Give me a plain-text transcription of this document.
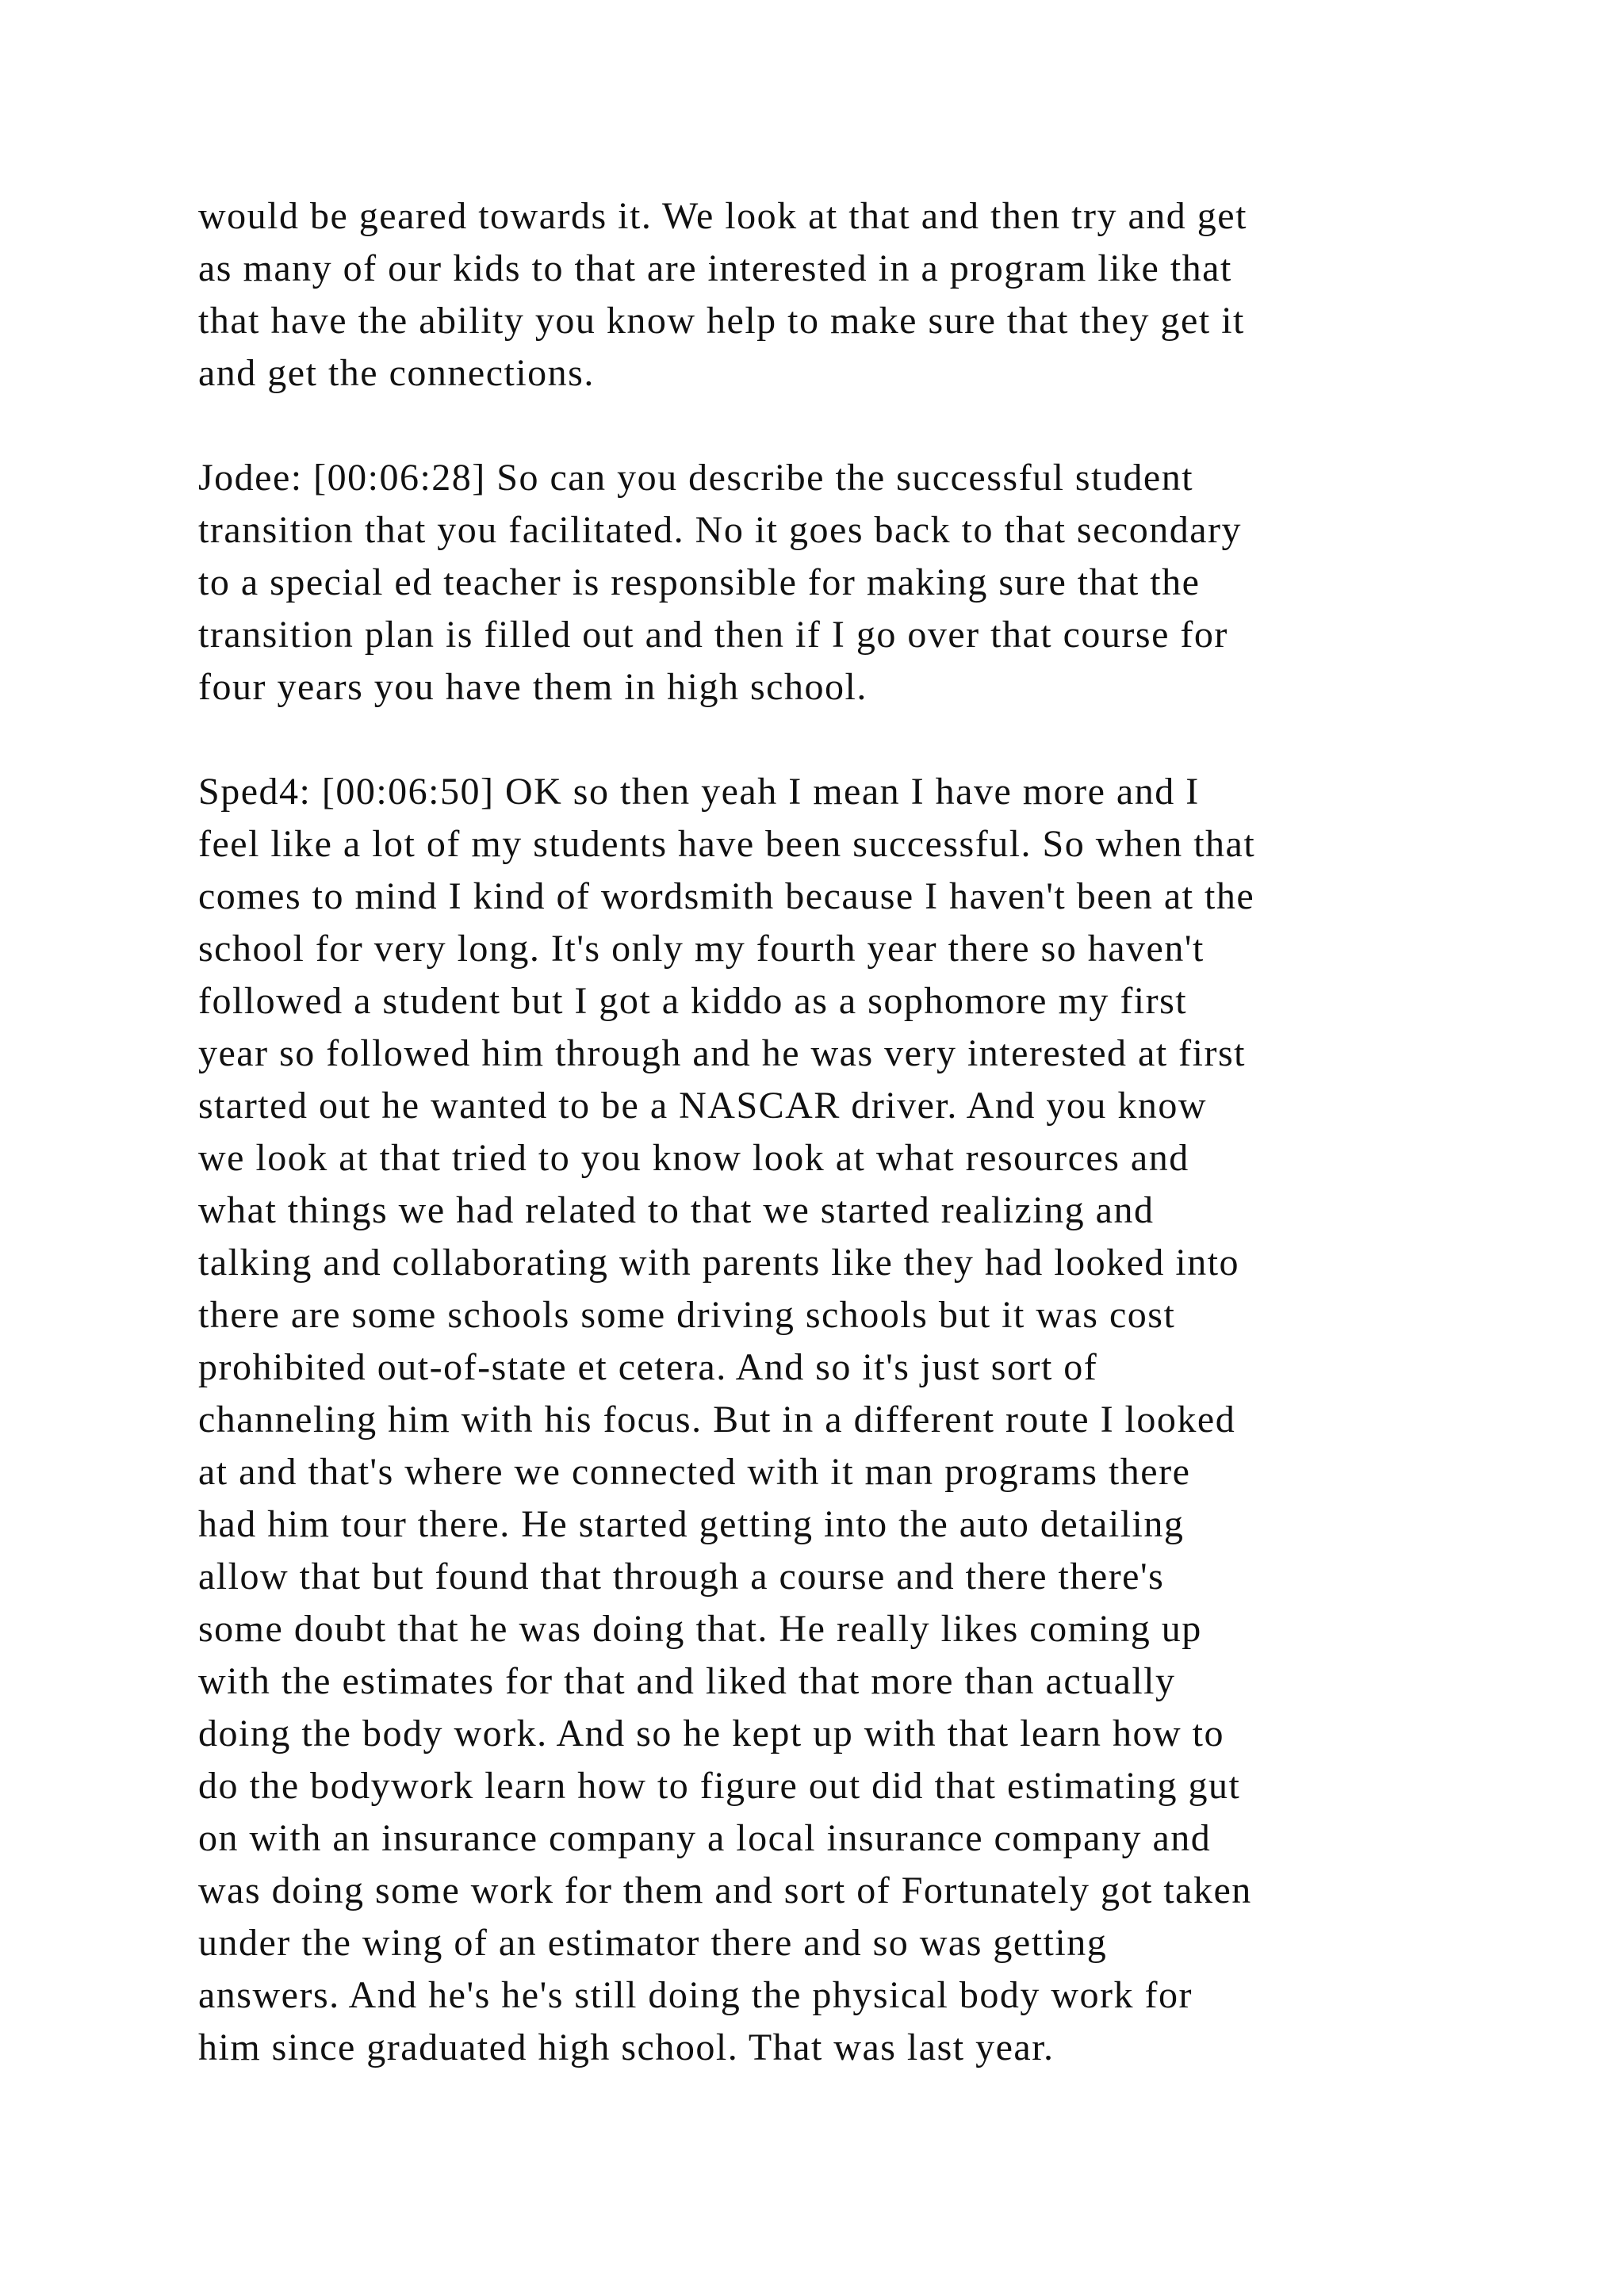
would be geared towards it. We look at that and then try and get
as many of our kids to that are interested in a program like that
that have the ability you know help to make sure that they get it
and get the connections.

Jodee: [00:06:28] So can you describe the successful student
transition that you facilitated. No it goes back to that secondary
to a special ed teacher is responsible for making sure that the
transition plan is filled out and then if I go over that course for
four years you have them in high school.

Sped4: [00:06:50] OK so then yeah I mean I have more and I
feel like a lot of my students have been successful. So when that
comes to mind I kind of wordsmith because I haven't been at the
school for very long. It's only my fourth year there so haven't
followed a student but I got a kiddo as a sophomore my first
year so followed him through and he was very interested at first
started out he wanted to be a NASCAR driver. And you know
we look at that tried to you know look at what resources and
what things we had related to that we started realizing and
talking and collaborating with parents like they had looked into
there are some schools some driving schools but it was cost
prohibited out-of-state et cetera. And so it's just sort of
channeling him with his focus. But in a different route I looked
at and that's where we connected with it man programs there
had him tour there. He started getting into the auto detailing
allow that but found that through a course and there there's
some doubt that he was doing that. He really likes coming up
with the estimates for that and liked that more than actually
doing the body work. And so he kept up with that learn how to
do the bodywork learn how to figure out did that estimating gut
on with an insurance company a local insurance company and
was doing some work for them and sort of Fortunately got taken
under the wing of an estimator there and so was getting
answers. And he's he's still doing the physical body work for
him since graduated high school. That was last year.
